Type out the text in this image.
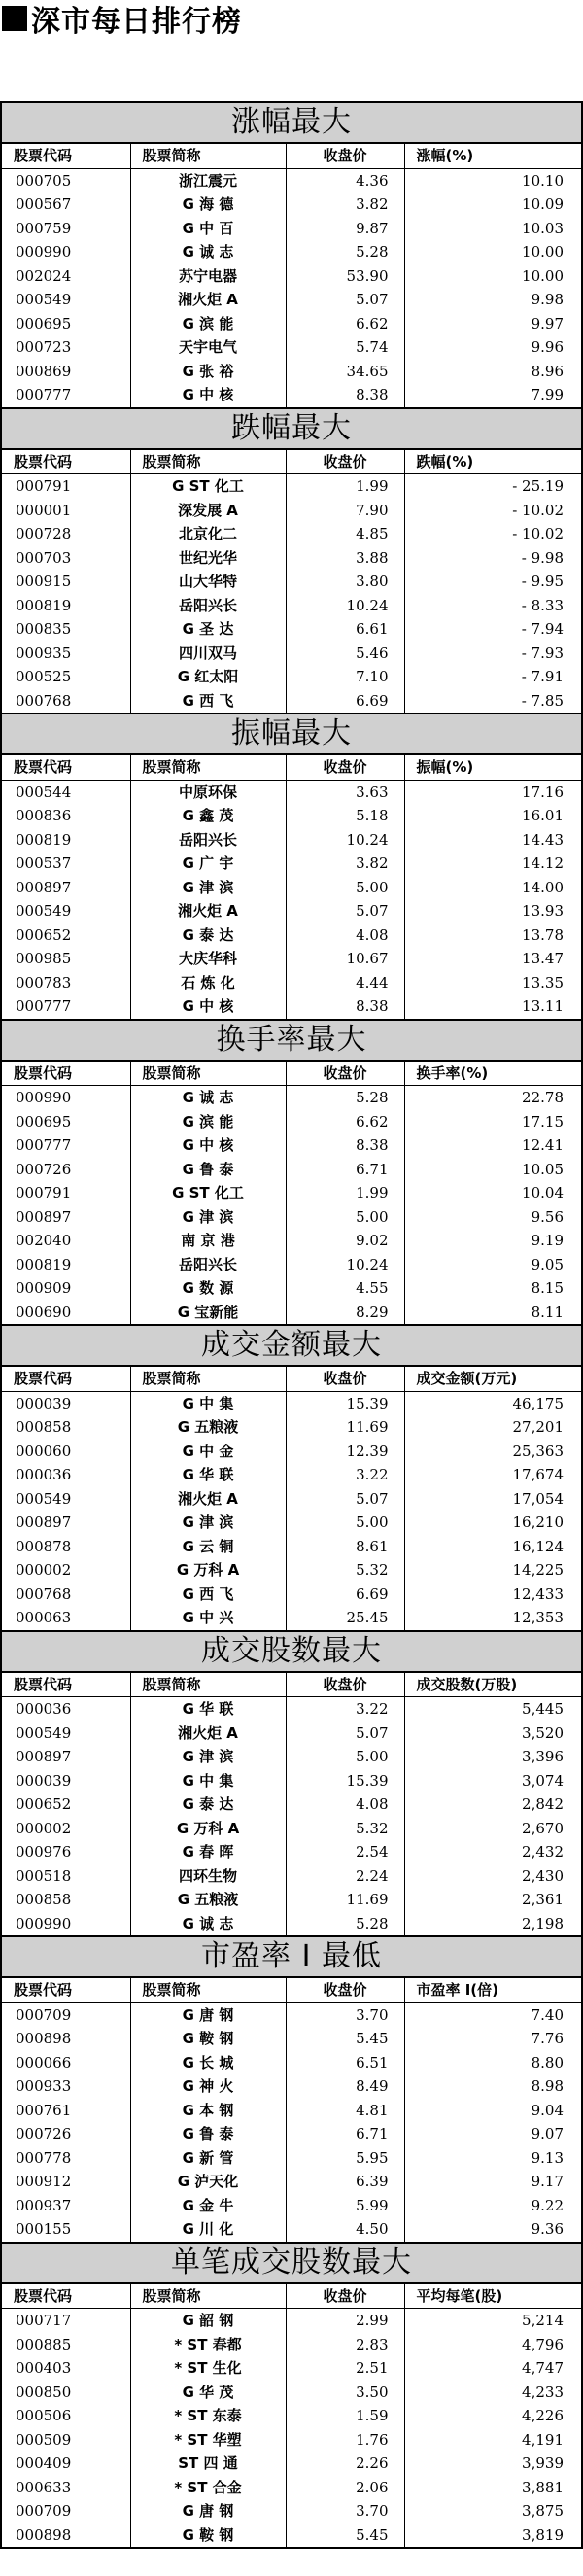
深市每日排行榜
涨幅最大
股票代码	股票简称	收盘价	涨幅(%)
000705	浙江震元	4.36	10.10
000567	G 海 德	3.82	10.09
000759	G 中 百	9.87	10.03
000990	G 诚 志	5.28	10.00
002024	苏宁电器	53.90	10.00
000549	湘火炬 A	5.07	9.98
000695	G 滨 能	6.62	9.97
000723	天宇电气	5.74	9.96
000869	G 张 裕	34.65	8.96
000777	G 中 核	8.38	7.99
跌幅最大
股票代码	股票简称	收盘价	跌幅(%)
000791	G ST 化工	1.99	- 25.19
000001	深发展 A	7.90	- 10.02
000728	北京化二	4.85	- 10.02
000703	世纪光华	3.88	- 9.98
000915	山大华特	3.80	- 9.95
000819	岳阳兴长	10.24	- 8.33
000835	G 圣 达	6.61	- 7.94
000935	四川双马	5.46	- 7.93
000525	G 红太阳	7.10	- 7.91
000768	G 西 飞	6.69	- 7.85
振幅最大
股票代码	股票简称	收盘价	振幅(%)
000544	中原环保	3.63	17.16
000836	G 鑫 茂	5.18	16.01
000819	岳阳兴长	10.24	14.43
000537	G 广 宇	3.82	14.12
000897	G 津 滨	5.00	14.00
000549	湘火炬 A	5.07	13.93
000652	G 泰 达	4.08	13.78
000985	大庆华科	10.67	13.47
000783	石 炼 化	4.44	13.35
000777	G 中 核	8.38	13.11
换手率最大
股票代码	股票简称	收盘价	换手率(%)
000990	G 诚 志	5.28	22.78
000695	G 滨 能	6.62	17.15
000777	G 中 核	8.38	12.41
000726	G 鲁 泰	6.71	10.05
000791	G ST 化工	1.99	10.04
000897	G 津 滨	5.00	9.56
002040	南 京 港	9.02	9.19
000819	岳阳兴长	10.24	9.05
000909	G 数 源	4.55	8.15
000690	G 宝新能	8.29	8.11
成交金额最大
股票代码	股票简称	收盘价	成交金额(万元)
000039	G 中 集	15.39	46,175
000858	G 五粮液	11.69	27,201
000060	G 中 金	12.39	25,363
000036	G 华 联	3.22	17,674
000549	湘火炬 A	5.07	17,054
000897	G 津 滨	5.00	16,210
000878	G 云 铜	8.61	16,124
000002	G 万科 A	5.32	14,225
000768	G 西 飞	6.69	12,433
000063	G 中 兴	25.45	12,353
成交股数最大
股票代码	股票简称	收盘价	成交股数(万股)
000036	G 华 联	3.22	5,445
000549	湘火炬 A	5.07	3,520
000897	G 津 滨	5.00	3,396
000039	G 中 集	15.39	3,074
000652	G 泰 达	4.08	2,842
000002	G 万科 A	5.32	2,670
000976	G 春 晖	2.54	2,432
000518	四环生物	2.24	2,430
000858	G 五粮液	11.69	2,361
000990	G 诚 志	5.28	2,198
市盈率 I 最低
股票代码	股票简称	收盘价	市盈率 I(倍)
000709	G 唐 钢	3.70	7.40
000898	G 鞍 钢	5.45	7.76
000066	G 长 城	6.51	8.80
000933	G 神 火	8.49	8.98
000761	G 本 钢	4.81	9.04
000726	G 鲁 泰	6.71	9.07
000778	G 新 管	5.95	9.13
000912	G 泸天化	6.39	9.17
000937	G 金 牛	5.99	9.22
000155	G 川 化	4.50	9.36
单笔成交股数最大
股票代码	股票简称	收盘价	平均每笔(股)
000717	G 韶 钢	2.99	5,214
000885	* ST 春都	2.83	4,796
000403	* ST 生化	2.51	4,747
000850	G 华 茂	3.50	4,233
000506	* ST 东泰	1.59	4,226
000509	* ST 华塑	1.76	4,191
000409	ST 四 通	2.26	3,939
000633	* ST 合金	2.06	3,881
000709	G 唐 钢	3.70	3,875
000898	G 鞍 钢	5.45	3,819
